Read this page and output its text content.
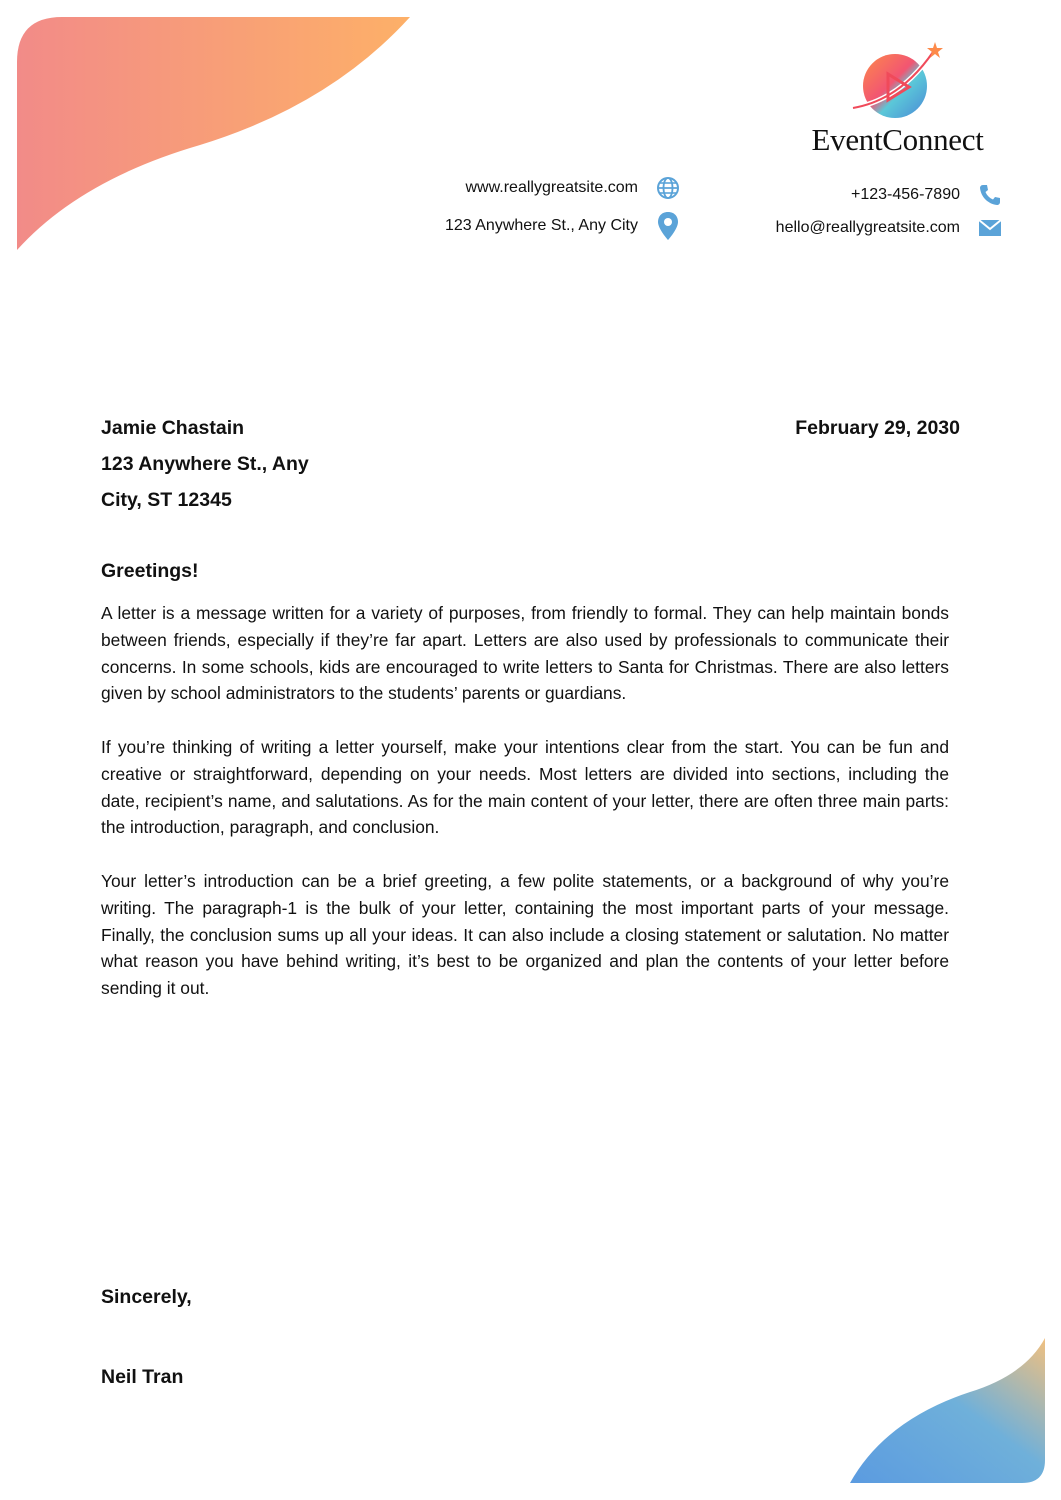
EventConnect
www.reallygreatsite.com
123 Anywhere St., Any City
+123-456-7890
hello@reallygreatsite.com
Jamie Chastain
123 Anywhere St., Any
City, ST 12345
February 29, 2030
Greetings!

A letter is a message written for a variety of purposes, from friendly to formal. They can help maintain bonds between friends, especially if they’re far apart. Letters are also used by professionals to communicate their concerns. In some schools, kids are encouraged to write letters to Santa for Christmas. There are also letters given by school administrators to the students’ parents or guardians.

If you’re thinking of writing a letter yourself, make your intentions clear from the start. You can be fun and creative or straightforward, depending on your needs. Most letters are divided into sections, including the date, recipient’s name, and salutations. As for the main content of your letter, there are often three main parts: the introduction, paragraph, and conclusion.

Your letter’s introduction can be a brief greeting, a few polite statements, or a background of why you’re writing. The paragraph-1 is the bulk of your letter, containing the most important parts of your message. Finally, the conclusion sums up all your ideas. It can also include a closing statement or salutation. No matter what reason you have behind writing, it’s best to be organized and plan the contents of your letter before sending it out.

Sincerely,
Neil Tran
